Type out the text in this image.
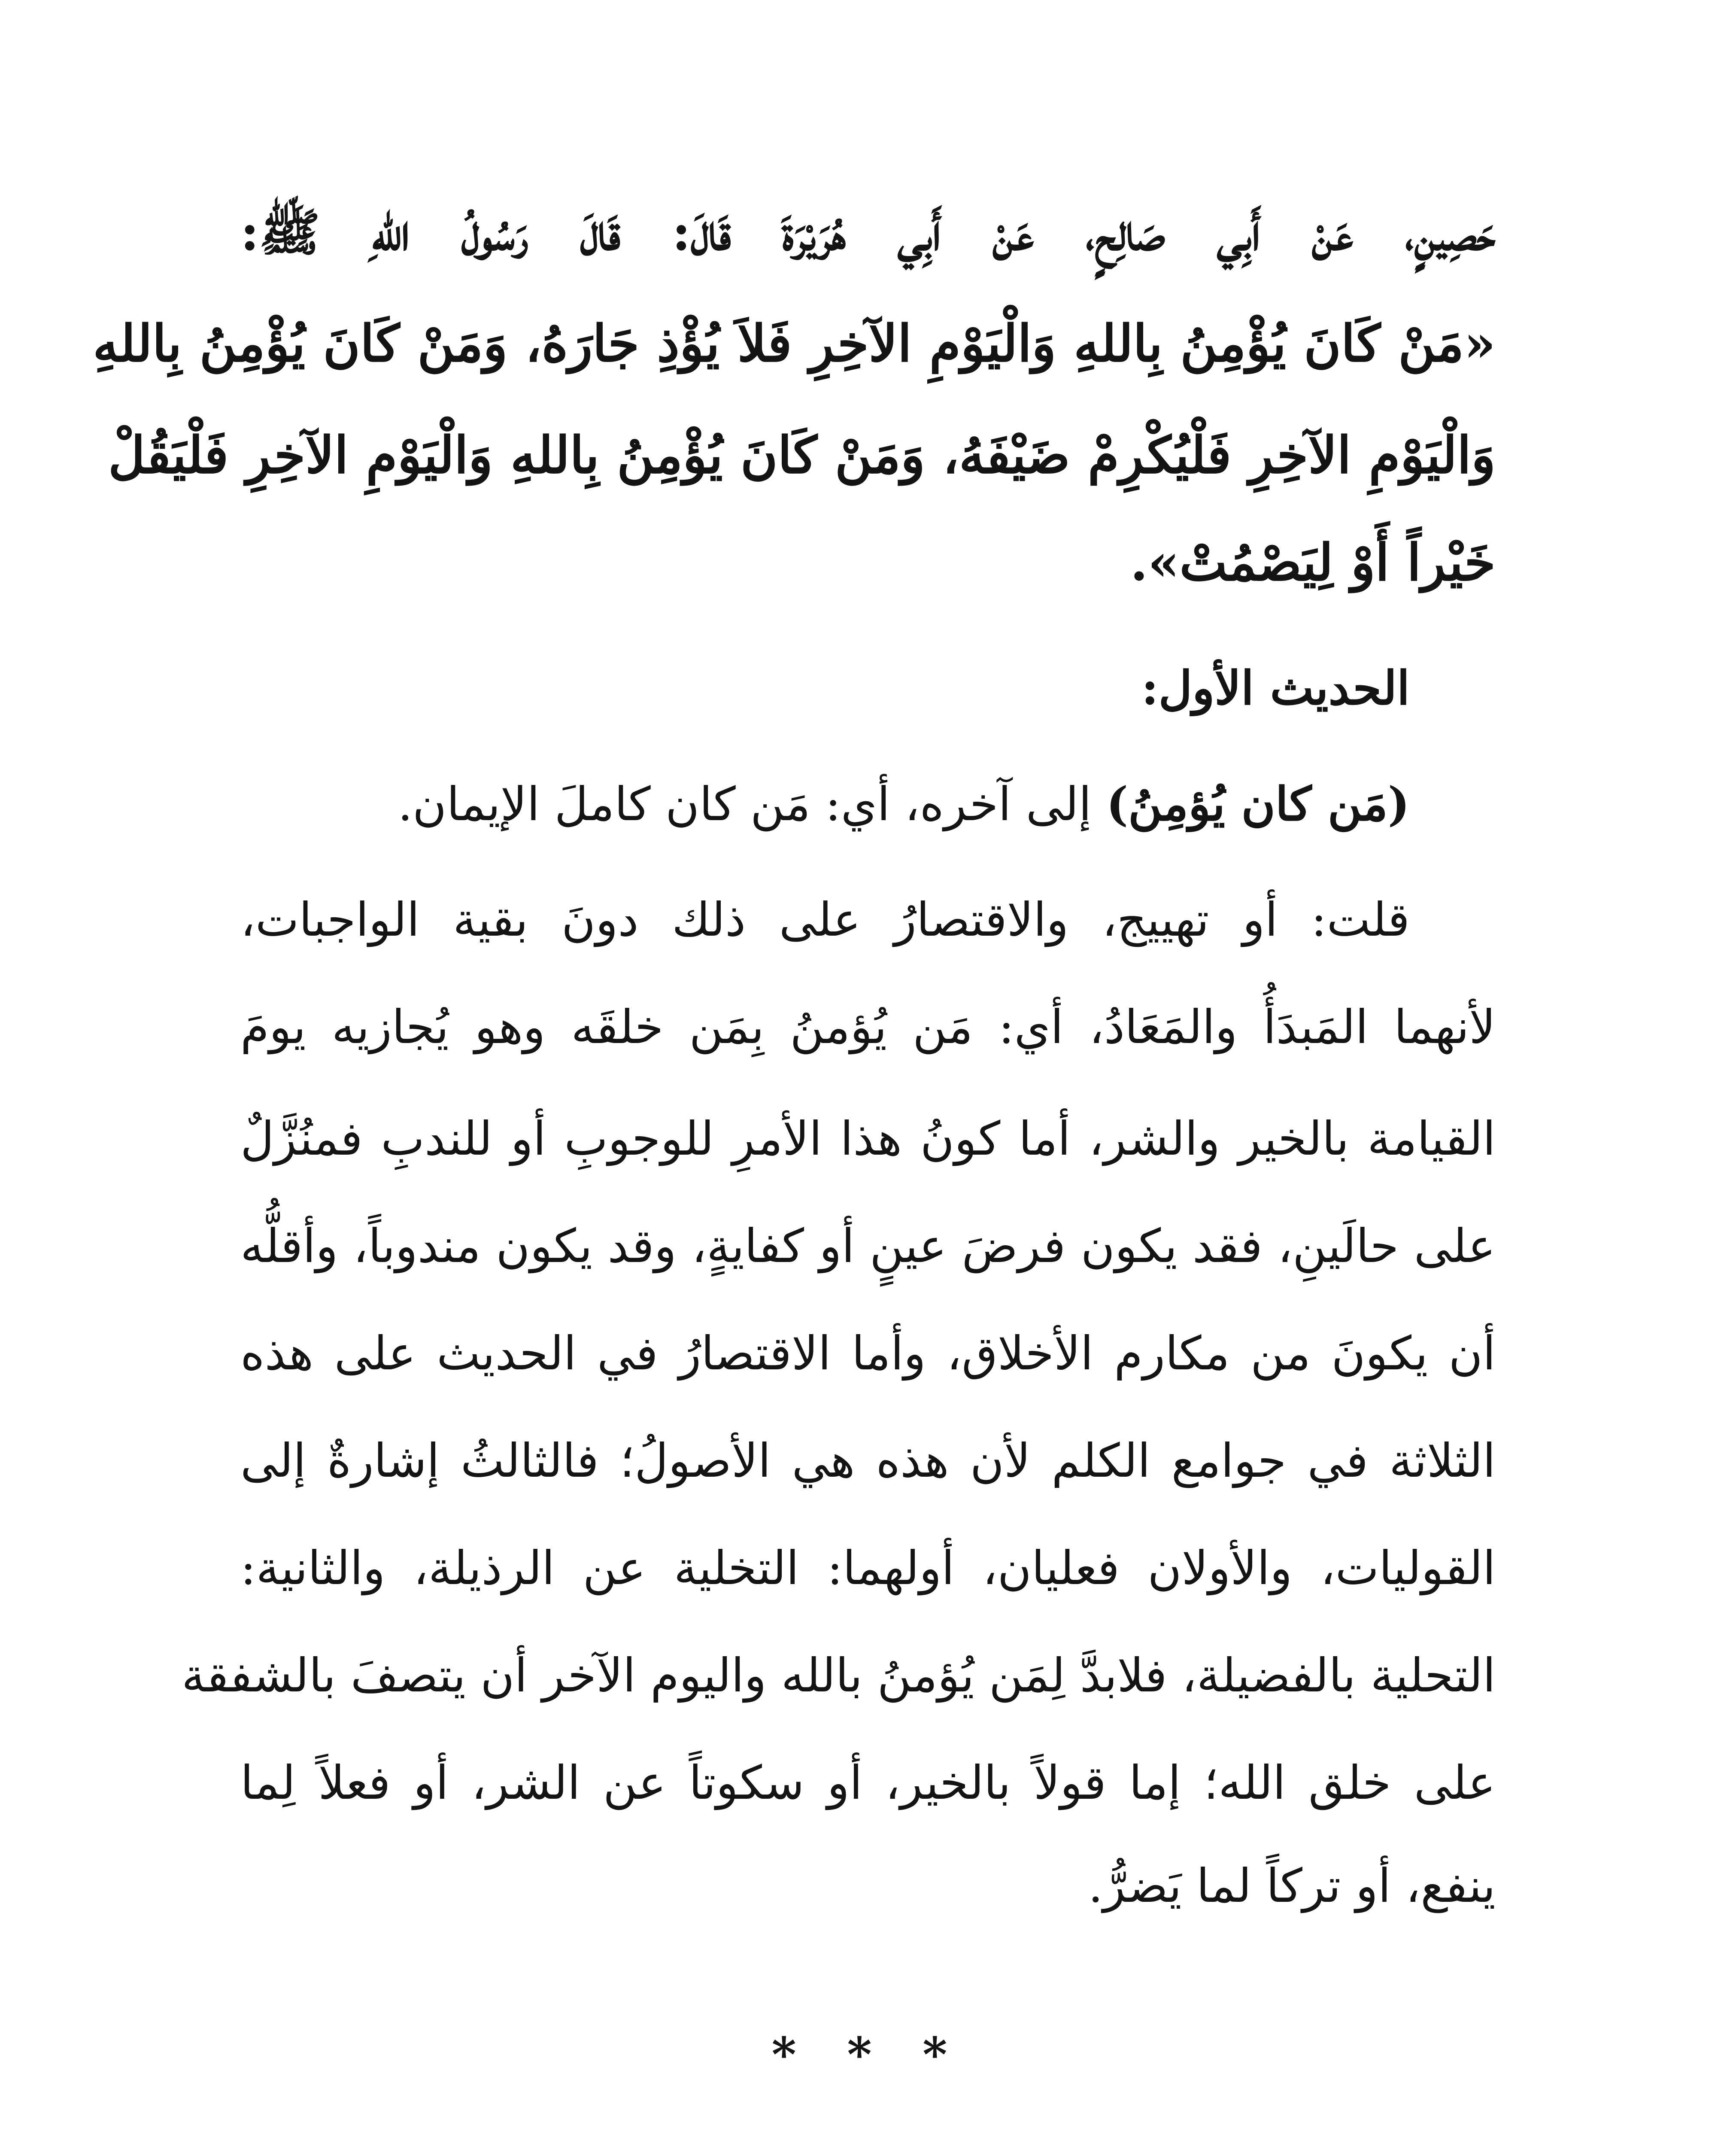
حَصِينٍ، عَنْ أَبِي صَالِحٍ، عَنْ أَبِي هُرَيْرَةَ قَالَ: قَالَ رَسُولُ اللهِ ﷺ:
«مَنْ كَانَ يُؤْمِنُ بِاللهِ وَالْيَوْمِ الآخِرِ فَلاَ يُؤْذِ جَارَهُ، وَمَنْ كَانَ يُؤْمِنُ بِاللهِ
وَالْيَوْمِ الآخِرِ فَلْيُكْرِمْ ضَيْفَهُ، وَمَنْ كَانَ يُؤْمِنُ بِاللهِ وَالْيَوْمِ الآخِرِ فَلْيَقُلْ
خَيْراً أَوْ لِيَصْمُتْ».
الحديث الأول:
(مَن كان يُؤمِنُ) إلى آخره، أي: مَن كان كاملَ الإيمان.
قلت: أو تهييج، والاقتصارُ على ذلك دونَ بقية الواجبات،
لأنهما المَبدَأُ والمَعَادُ، أي: مَن يُؤمنُ بِمَن خلقَه وهو يُجازيه يومَ
القيامة بالخير والشر، أما كونُ هذا الأمرِ للوجوبِ أو للندبِ فمنُزَّلٌ
على حالَينِ، فقد يكون فرضَ عينٍ أو كفايةٍ، وقد يكون مندوباً، وأقلُّه
أن يكونَ من مكارم الأخلاق، وأما الاقتصارُ في الحديث على هذه
الثلاثة في جوامع الكلم لأن هذه هي الأصولُ؛ فالثالثُ إشارةٌ إلى
القوليات، والأولان فعليان، أولهما: التخلية عن الرذيلة، والثانية:
التحلية بالفضيلة، فلابدَّ لِمَن يُؤمنُ بالله واليوم الآخر أن يتصفَ بالشفقة
على خلق الله؛ إما قولاً بالخير، أو سكوتاً عن الشر، أو فعلاً لِما
ينفع، أو تركاً لما يَضرُّ.
* * *
